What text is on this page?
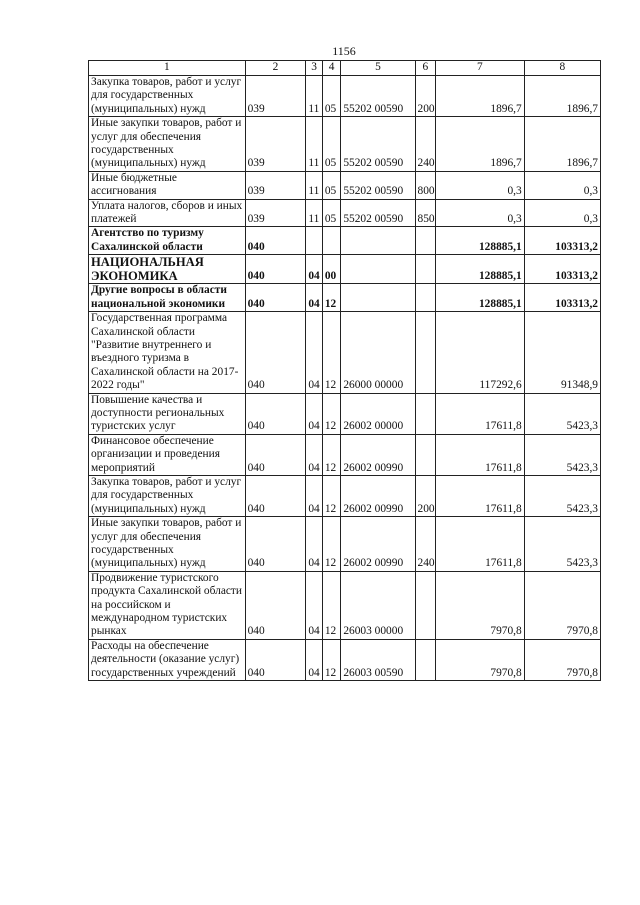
1156
1	2	3	4	5	6	7	8
Закупка товаров, работ и услуг для государственных (муниципальных) нужд	039	11	05	55202 00590	200	1896,7	1896,7
Иные закупки товаров, работ и услуг для обеспечения государственных (муниципальных) нужд	039	11	05	55202 00590	240	1896,7	1896,7
Иные бюджетные ассигнования	039	11	05	55202 00590	800	0,3	0,3
Уплата налогов, сборов и иных платежей	039	11	05	55202 00590	850	0,3	0,3
Агентство по туризму Сахалинской области	040					128885,1	103313,2
НАЦИОНАЛЬНАЯ ЭКОНОМИКА	040	04	00			128885,1	103313,2
Другие вопросы в области национальной экономики	040	04	12			128885,1	103313,2
Государственная программа Сахалинской области "Развитие внутреннего и въездного туризма в Сахалинской области на 2017-2022 годы"	040	04	12	26000 00000		117292,6	91348,9
Повышение качества и доступности региональных туристских услуг	040	04	12	26002 00000		17611,8	5423,3
Финансовое обеспечение организации и проведения мероприятий	040	04	12	26002 00990		17611,8	5423,3
Закупка товаров, работ и услуг для государственных (муниципальных) нужд	040	04	12	26002 00990	200	17611,8	5423,3
Иные закупки товаров, работ и услуг для обеспечения государственных (муниципальных) нужд	040	04	12	26002 00990	240	17611,8	5423,3
Продвижение туристского продукта Сахалинской области на российском и международном туристских рынках	040	04	12	26003 00000		7970,8	7970,8
Расходы на обеспечение деятельности (оказание услуг) государственных учреждений	040	04	12	26003 00590		7970,8	7970,8
